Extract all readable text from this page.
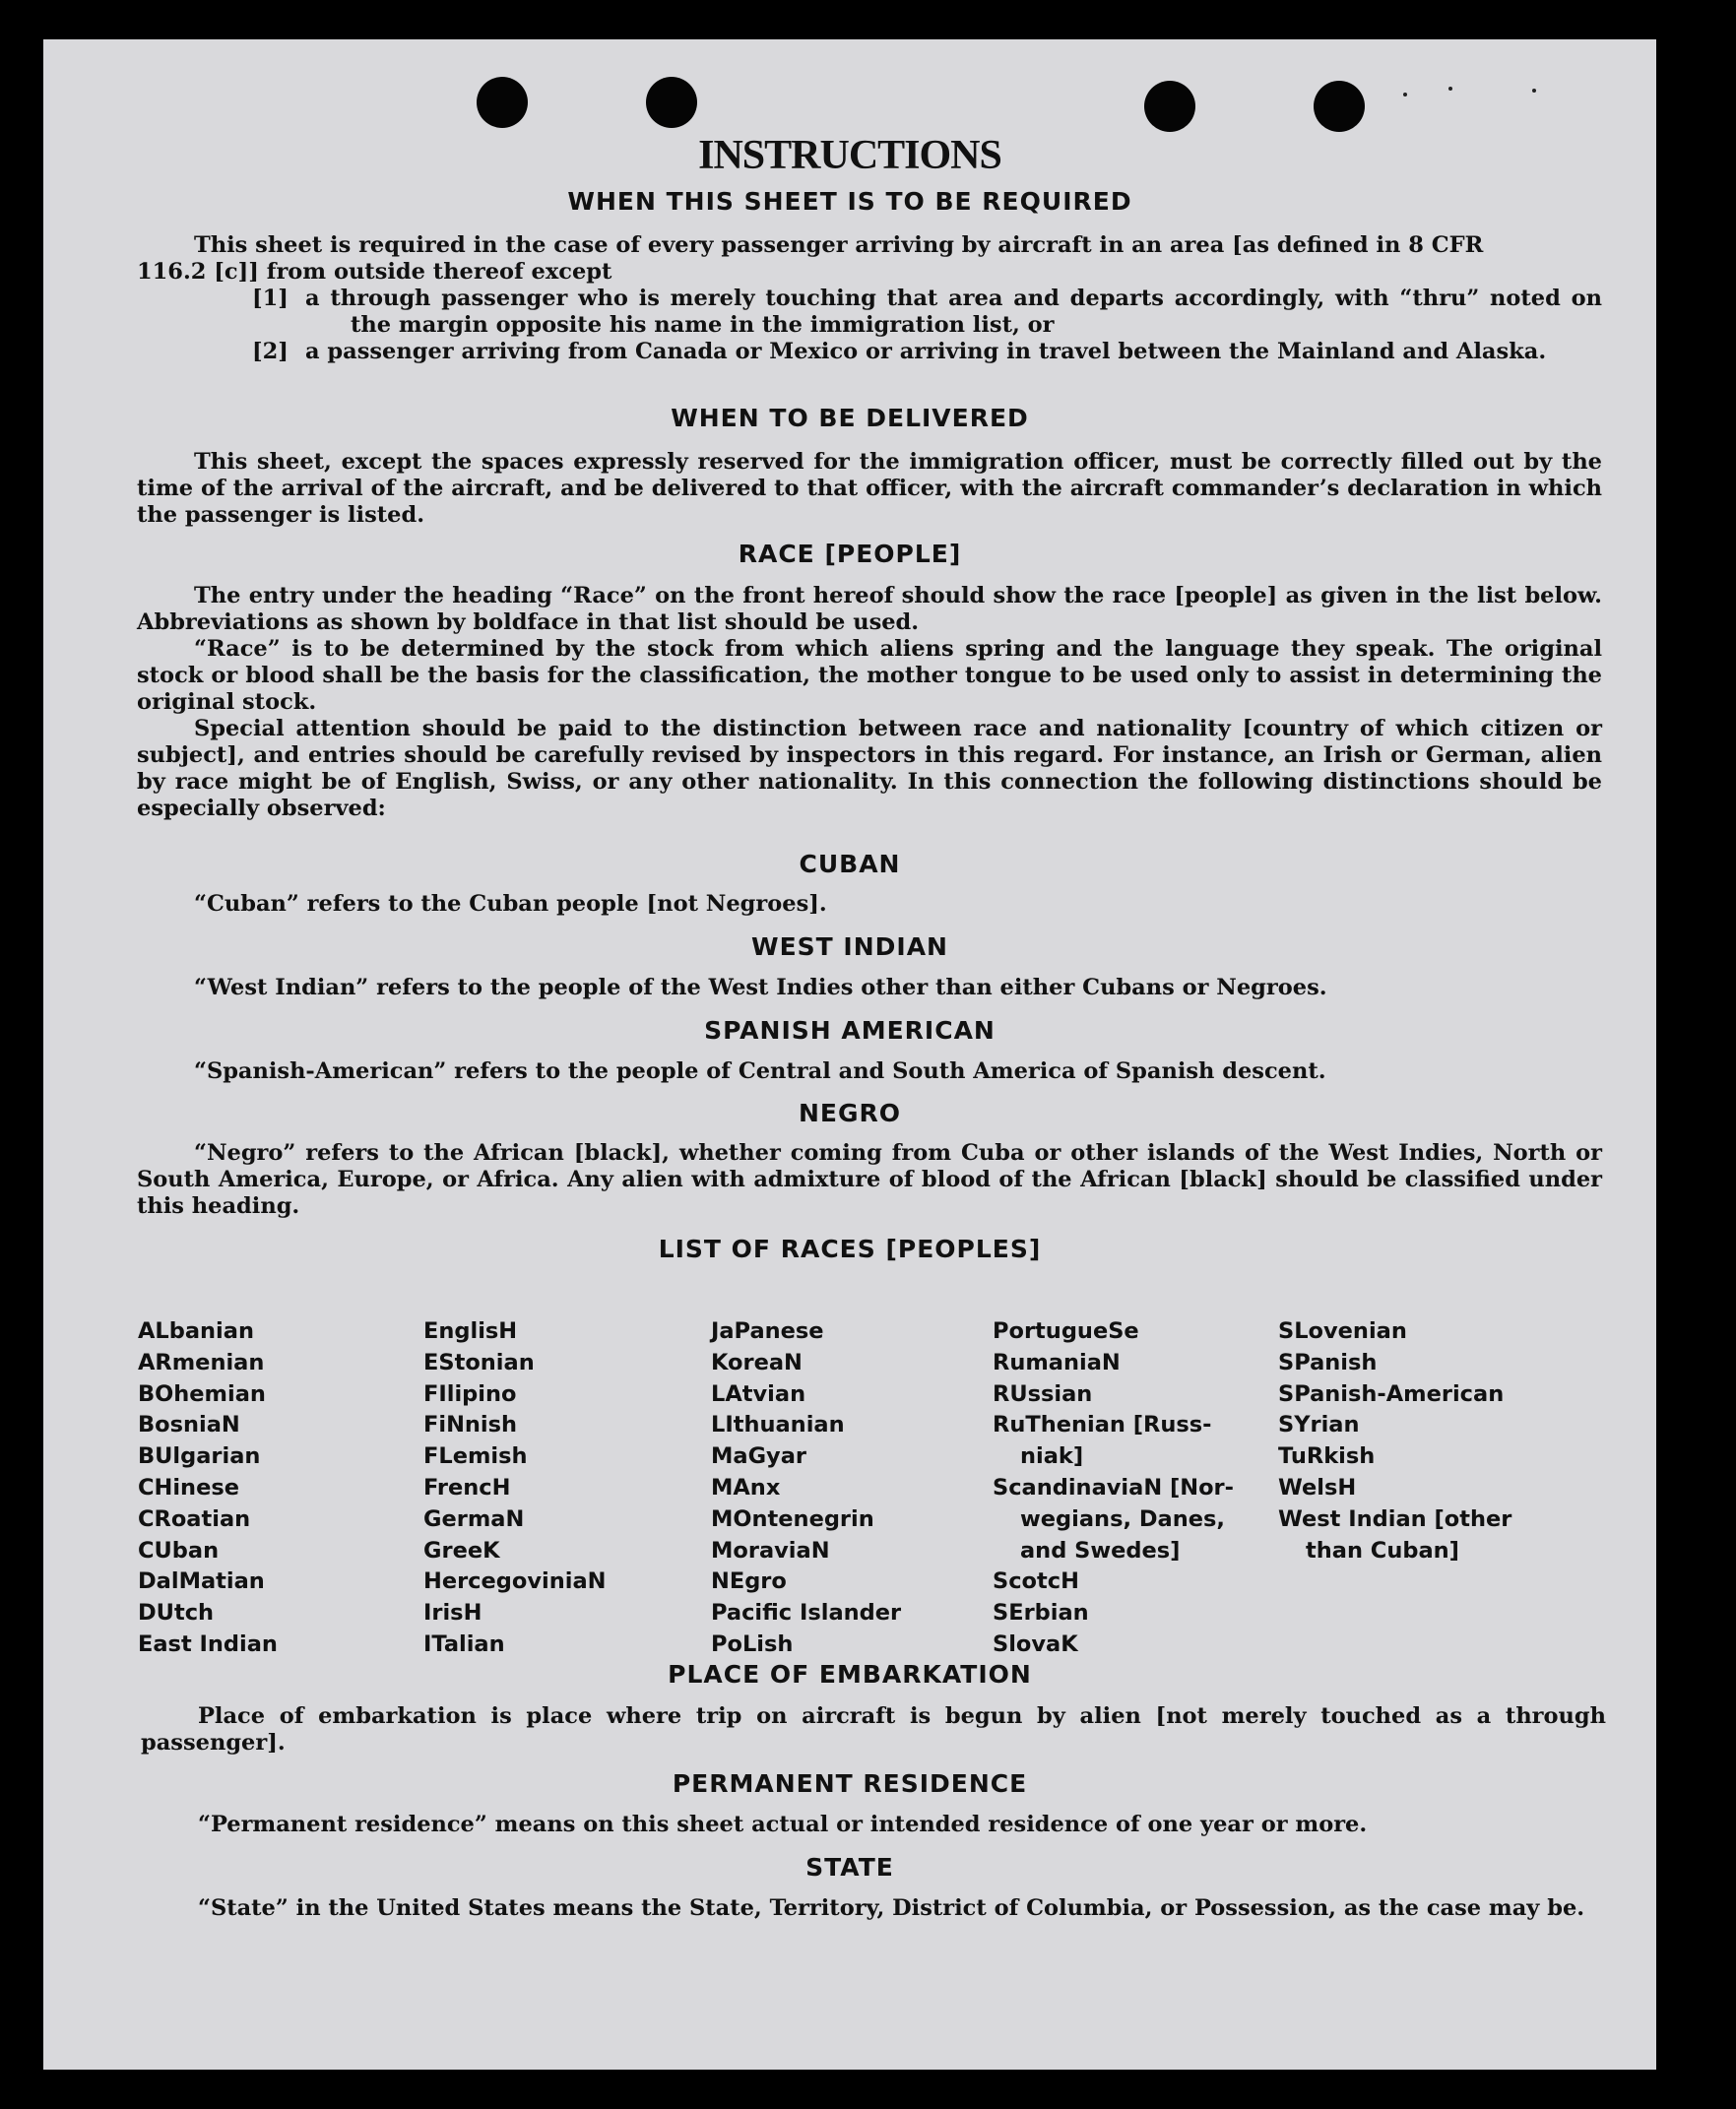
INSTRUCTIONS
WHEN THIS SHEET IS TO BE REQUIRED
This sheet is required in the case of every passenger arriving by aircraft in an area [as defined in 8 CFR
116.2 [c]] from outside thereof except
[1] a through passenger who is merely touching that area and departs accordingly, with “thru” noted on the margin opposite his name in the immigration list, or
[2] a passenger arriving from Canada or Mexico or arriving in travel between the Mainland and Alaska.
WHEN TO BE DELIVERED
This sheet, except the spaces expressly reserved for the immigration officer, must be correctly filled out by the time of the arrival of the aircraft, and be delivered to that officer, with the aircraft commander’s declaration in which the passenger is listed.
RACE [PEOPLE]
The entry under the heading “Race” on the front hereof should show the race [people] as given in the list below. Abbreviations as shown by boldface in that list should be used.
“Race” is to be determined by the stock from which aliens spring and the language they speak. The original stock or blood shall be the basis for the classification, the mother tongue to be used only to assist in determining the original stock.
Special attention should be paid to the distinction between race and nationality [country of which citizen or subject], and entries should be carefully revised by inspectors in this regard. For instance, an Irish or German, alien by race might be of English, Swiss, or any other nationality. In this connection the following distinctions should be especially observed:
CUBAN
“Cuban” refers to the Cuban people [not Negroes].
WEST INDIAN
“West Indian” refers to the people of the West Indies other than either Cubans or Negroes.
SPANISH AMERICAN
“Spanish-American” refers to the people of Central and South America of Spanish descent.
NEGRO
“Negro” refers to the African [black], whether coming from Cuba or other islands of the West Indies, North or South America, Europe, or Africa. Any alien with admixture of blood of the African [black] should be classified under this heading.
LIST OF RACES [PEOPLES]
ALbanian
ARmenian
BOhemian
BosniaN
BUlgarian
CHinese
CRoatian
CUban
DalMatian
DUtch
East Indian
EnglisH
EStonian
FIlipino
FiNnish
FLemish
FrencH
GermaN
GreeK
HercegoviniaN
IrisH
ITalian
JaPanese
KoreaN
LAtvian
LIthuanian
MaGyar
MAnx
MOntenegrin
MoraviaN
NEgro
Pacific Islander
PoLish
PortugueSe
RumaniaN
RUssian
RuThenian [Russ-
niak]
ScandinaviaN [Nor-
wegians, Danes,
and Swedes]
ScotcH
SErbian
SlovaK
SLovenian
SPanish
SPanish-American
SYrian
TuRkish
WelsH
West Indian [other
than Cuban]
PLACE OF EMBARKATION
Place of embarkation is place where trip on aircraft is begun by alien [not merely touched as a through passenger].
PERMANENT RESIDENCE
“Permanent residence” means on this sheet actual or intended residence of one year or more.
STATE
“State” in the United States means the State, Territory, District of Columbia, or Possession, as the case may be.
